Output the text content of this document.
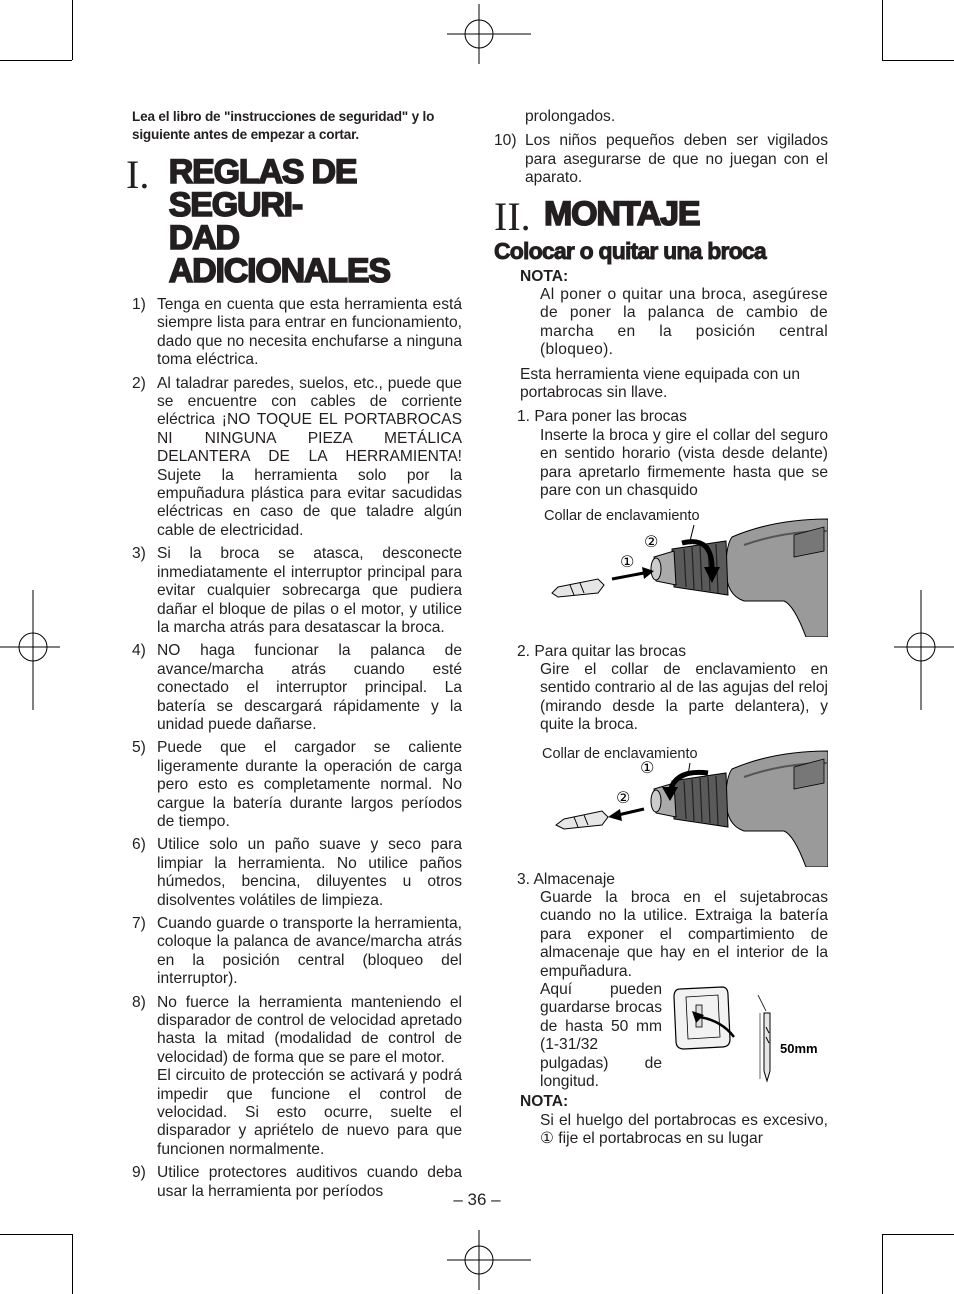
Lea el libro de "instrucciones de seguridad" y lo siguiente antes de empezar a cortar.

I. REGLAS DE SEGURI-
DAD ADICIONALES
1) Tenga en cuenta que esta herramienta está siempre lista para entrar en funcionamiento, dado que no necesita enchufarse a ninguna toma eléctrica.
2) Al taladrar paredes, suelos, etc., puede que se encuentre con cables de corriente eléctrica ¡NO TOQUE EL PORTABROCAS NI NINGUNA PIEZA METÁLICA DELANTERA DE LA HERRAMIENTA! Sujete la herramienta solo por la empuñadura plástica para evitar sacudidas eléctricas en caso de que taladre algún cable de electricidad.
3) Si la broca se atasca, desconecte inmediatamente el interruptor principal para evitar cualquier sobrecarga que pudiera dañar el bloque de pilas o el motor, y utilice la marcha atrás para desatascar la broca.
4) NO haga funcionar la palanca de avance/marcha atrás cuando esté conectado el interruptor principal. La batería se descargará rápidamente y la unidad puede dañarse.
5) Puede que el cargador se caliente ligeramente durante la operación de carga pero esto es completamente normal. No cargue la batería durante largos períodos de tiempo.
6) Utilice solo un paño suave y seco para limpiar la herramienta. No utilice paños húmedos, bencina, diluyentes u otros disolventes volátiles de limpieza.
7) Cuando guarde o transporte la herramienta, coloque la palanca de avance/marcha atrás en la posición central (bloqueo del interruptor).
8) No fuerce la herramienta manteniendo el disparador de control de velocidad apretado hasta la mitad (modalidad de control de velocidad) de forma que se pare el motor.
El circuito de protección se activará y podrá impedir que funcione el control de velocidad. Si esto ocurre, suelte el disparador y apriételo de nuevo para que funcionen normalmente.
9) Utilice protectores auditivos cuando deba usar la herramienta por períodos
prolongados.
10) Los niños pequeños deben ser vigilados para asegurarse de que no juegan con el aparato.
II. MONTAJE
Colocar o quitar una broca
NOTA:
Al poner o quitar una broca, asegúrese de poner la palanca de cambio de marcha en la posición central (bloqueo).
Esta herramienta viene equipada con un portabrocas sin llave.
1. Para poner las brocas
Inserte la broca y gire el collar del seguro en sentido horario (vista desde delante) para apretarlo firmemente hasta que se pare con un chasquido
Collar de enclavamiento
①
②
2. Para quitar las brocas
Gire el collar de enclavamiento en sentido contrario al de las agujas del reloj (mirando desde la parte delantera), y quite la broca.
Collar de enclavamiento
①
②
3. Almacenaje
Guarde la broca en el sujetabrocas cuando no la utilice. Extraiga la batería para exponer el compartimiento de almacenaje que hay en el interior de la empuñadura.
Aquí pueden guardarse brocas de hasta 50 mm (1-31/32 pulgadas) de longitud.
50mm
NOTA:
Si el huelgo del portabrocas es excesivo, ① fije el portabrocas en su lugar
– 36 –
